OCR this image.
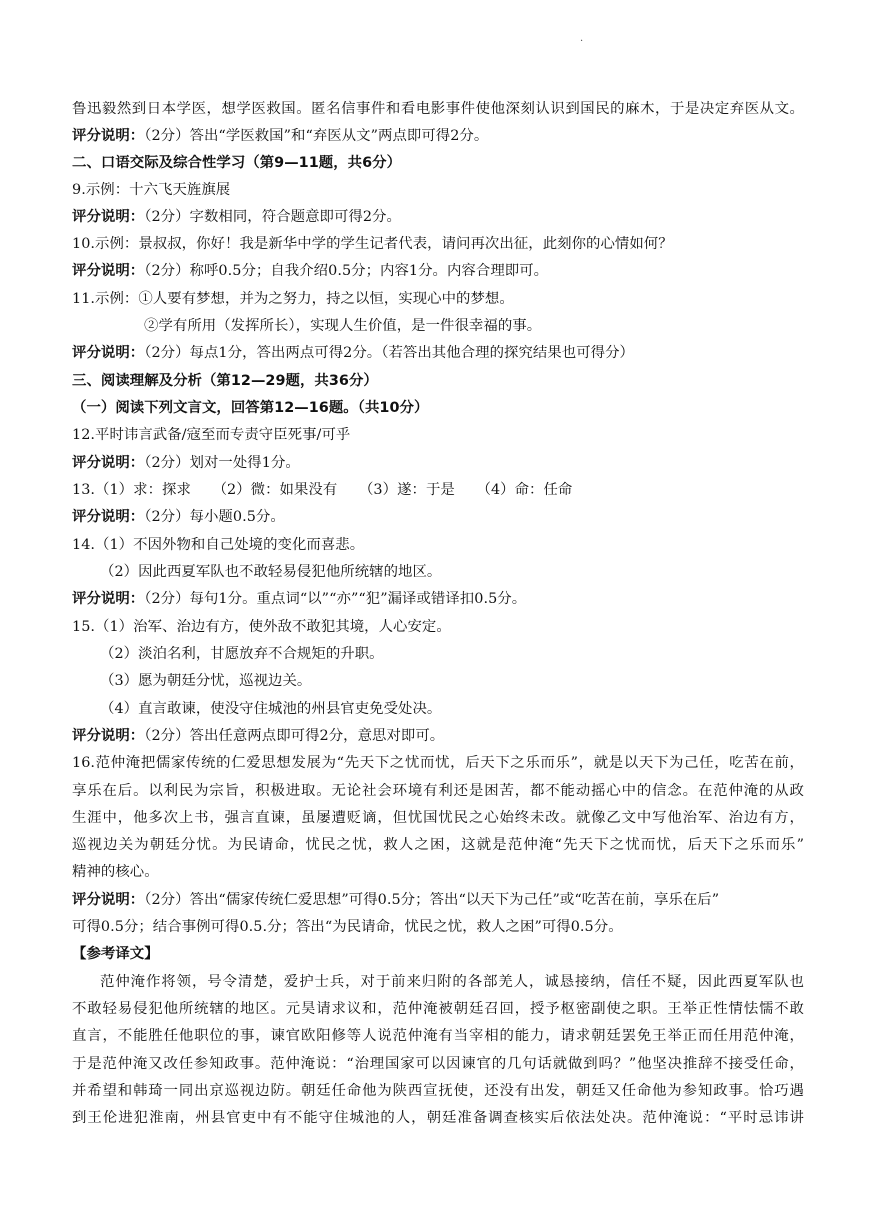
·
鲁迅毅然到日本学医，想学医救国。匿名信事件和看电影事件使他深刻认识到国民的麻木，于是决定弃医从文。
评分说明：（2分）答出“学医救国”和“弃医从文”两点即可得2分。
二、口语交际及综合性学习（第9—11题，共6分）
9.示例：十六飞天旌旗展
评分说明：（2分）字数相同，符合题意即可得2分。
10.示例：景叔叔，你好！我是新华中学的学生记者代表，请问再次出征，此刻你的心情如何？
评分说明：（2分）称呼0.5分；自我介绍0.5分；内容1分。内容合理即可。
11.示例：①人要有梦想，并为之努力，持之以恒，实现心中的梦想。
②学有所用（发挥所长），实现人生价值，是一件很幸福的事。
评分说明：（2分）每点1分，答出两点可得2分。（若答出其他合理的探究结果也可得分）
三、阅读理解及分析（第12—29题，共36分）
（一）阅读下列文言文，回答第12—16题。（共10分）
12.平时讳言武备/寇至而专责守臣死事/可乎
评分说明：（2分）划对一处得1分。
13.（1）求：探求　　（2）微：如果没有　　（3）遂：于是　　（4）命：任命
评分说明：（2分）每小题0.5分。
14.（1）不因外物和自己处境的变化而喜悲。
（2）因此西夏军队也不敢轻易侵犯他所统辖的地区。
评分说明：（2分）每句1分。重点词“以”“亦”“犯”漏译或错译扣0.5分。
15.（1）治军、治边有方，使外敌不敢犯其境，人心安定。
（2）淡泊名利，甘愿放弃不合规矩的升职。
（3）愿为朝廷分忧，巡视边关。
（4）直言敢谏，使没守住城池的州县官吏免受处决。
评分说明：（2分）答出任意两点即可得2分，意思对即可。
16.范仲淹把儒家传统的仁爱思想发展为“先天下之忧而忧，后天下之乐而乐”，就是以天下为己任，吃苦在前，
享乐在后。以利民为宗旨，积极进取。无论社会环境有利还是困苦，都不能动摇心中的信念。在范仲淹的从政
生涯中，他多次上书，强言直谏，虽屡遭贬谪，但忧国忧民之心始终未改。就像乙文中写他治军、治边有方，
巡视边关为朝廷分忧。为民请命，忧民之忧，救人之困，这就是范仲淹“先天下之忧而忧，后天下之乐而乐”
精神的核心。
评分说明：（2分）答出“儒家传统仁爱思想”可得0.5分；答出“以天下为己任”或“吃苦在前，享乐在后”
可得0.5分；结合事例可得0.5.分；答出“为民请命，忧民之忧，救人之困”可得0.5分。
【参考译文】
范仲淹作将领，号令清楚，爱护士兵，对于前来归附的各部羌人，诚恳接纳，信任不疑，因此西夏军队也
不敢轻易侵犯他所统辖的地区。元昊请求议和，范仲淹被朝廷召回，授予枢密副使之职。王举正性情怯懦不敢
直言，不能胜任他职位的事，谏官欧阳修等人说范仲淹有当宰相的能力，请求朝廷罢免王举正而任用范仲淹，
于是范仲淹又改任参知政事。范仲淹说：“治理国家可以因谏官的几句话就做到吗？”他坚决推辞不接受任命，
并希望和韩琦一同出京巡视边防。朝廷任命他为陕西宣抚使，还没有出发，朝廷又任命他为参知政事。恰巧遇
到王伦进犯淮南，州县官吏中有不能守住城池的人，朝廷准备调查核实后依法处决。范仲淹说：“平时忌讳讲
